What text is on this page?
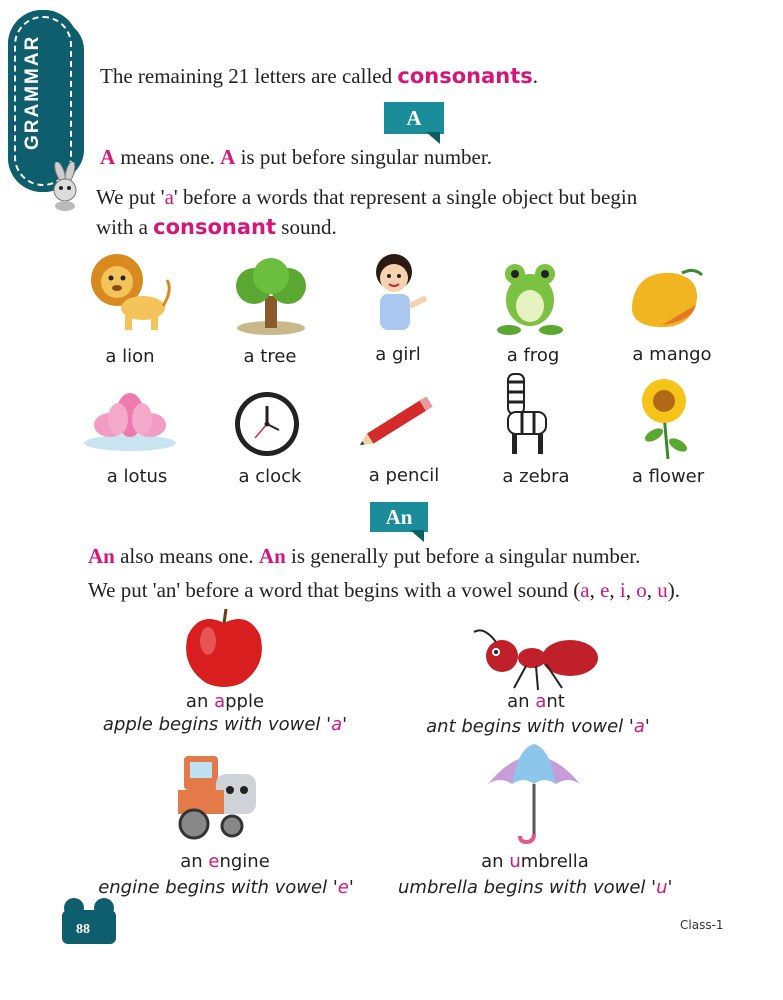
GRAMMAR	The remaining 21 letters are called consonants.
A
A means one. A is put before singular number.
We put 'a' before a words that represent a single object but begin
with a consonant sound.
a lion	a tree	a girl	a frog	a mango
a lotus	a clock	a pencil	a zebra	a flower
An
An also means one. An is generally put before a singular number.
We put 'an' before a word that begins with a vowel sound (a, e, i, o, u).
an apple
apple begins with vowel 'a'
an ant
ant begins with vowel 'a'
an engine
engine begins with vowel 'e'
an umbrella
umbrella begins with vowel 'u'
88	Class-1
